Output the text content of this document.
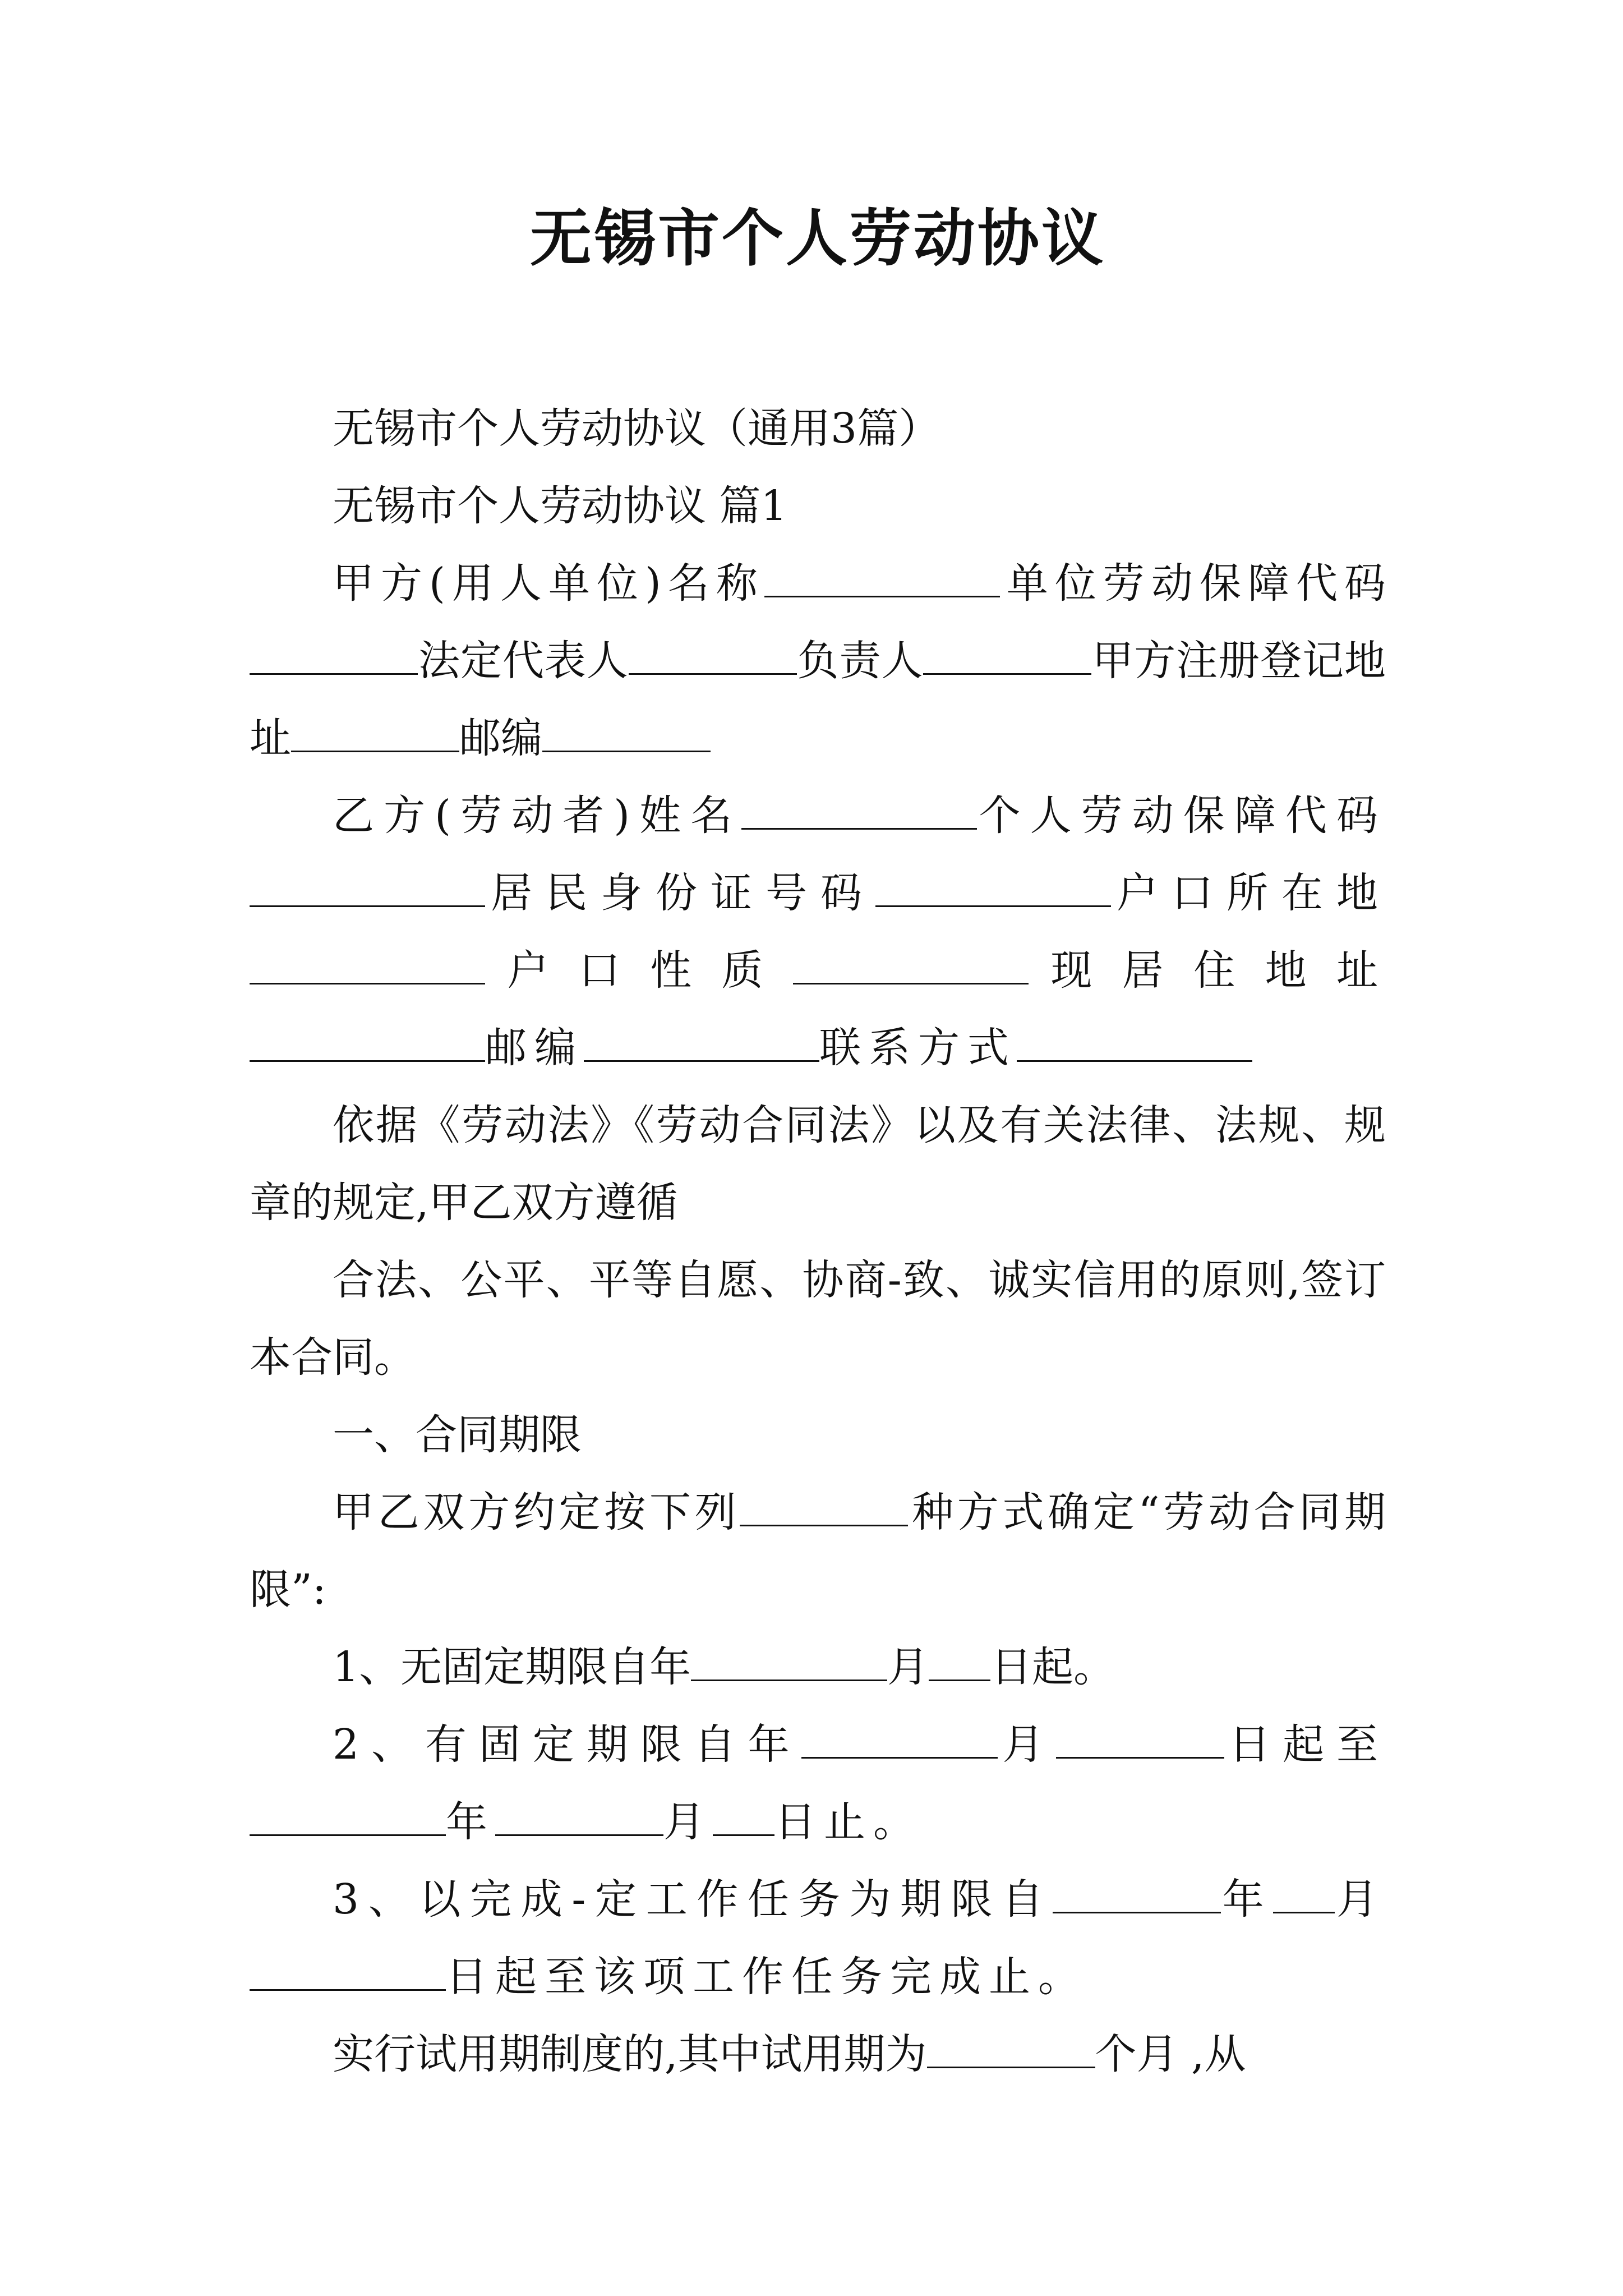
无锡市个人劳动协议

无锡市个人劳动协议（通用3篇）

无锡市个人劳动协议 篇1

甲方(用人单位)名称	单位劳动保障代码法定代表人	负责人	甲方注册登记地址	邮编

乙方(劳动者)姓名	个人劳动保障代码居民身份证号码	户口所在地户口性质	现居住地址邮编	联系方式

依据《劳动法》《劳动合同法》以及有关法律、法规、规章的规定,甲乙双方遵循

合法、公平、平等自愿、协商-致、诚实信用的原则,签订本合同。

一、合同期限

甲乙双方约定按下列	种方式确定“劳动合同期限”:

1、无固定期限自年	月 日起。

2、有固定期限自年	月	日起至年	月 日止。

3、以完成-定工作任务为期限自	年 月日起至该项工作任务完成止。

实行试用期制度的,其中试用期为	个月 ,从
